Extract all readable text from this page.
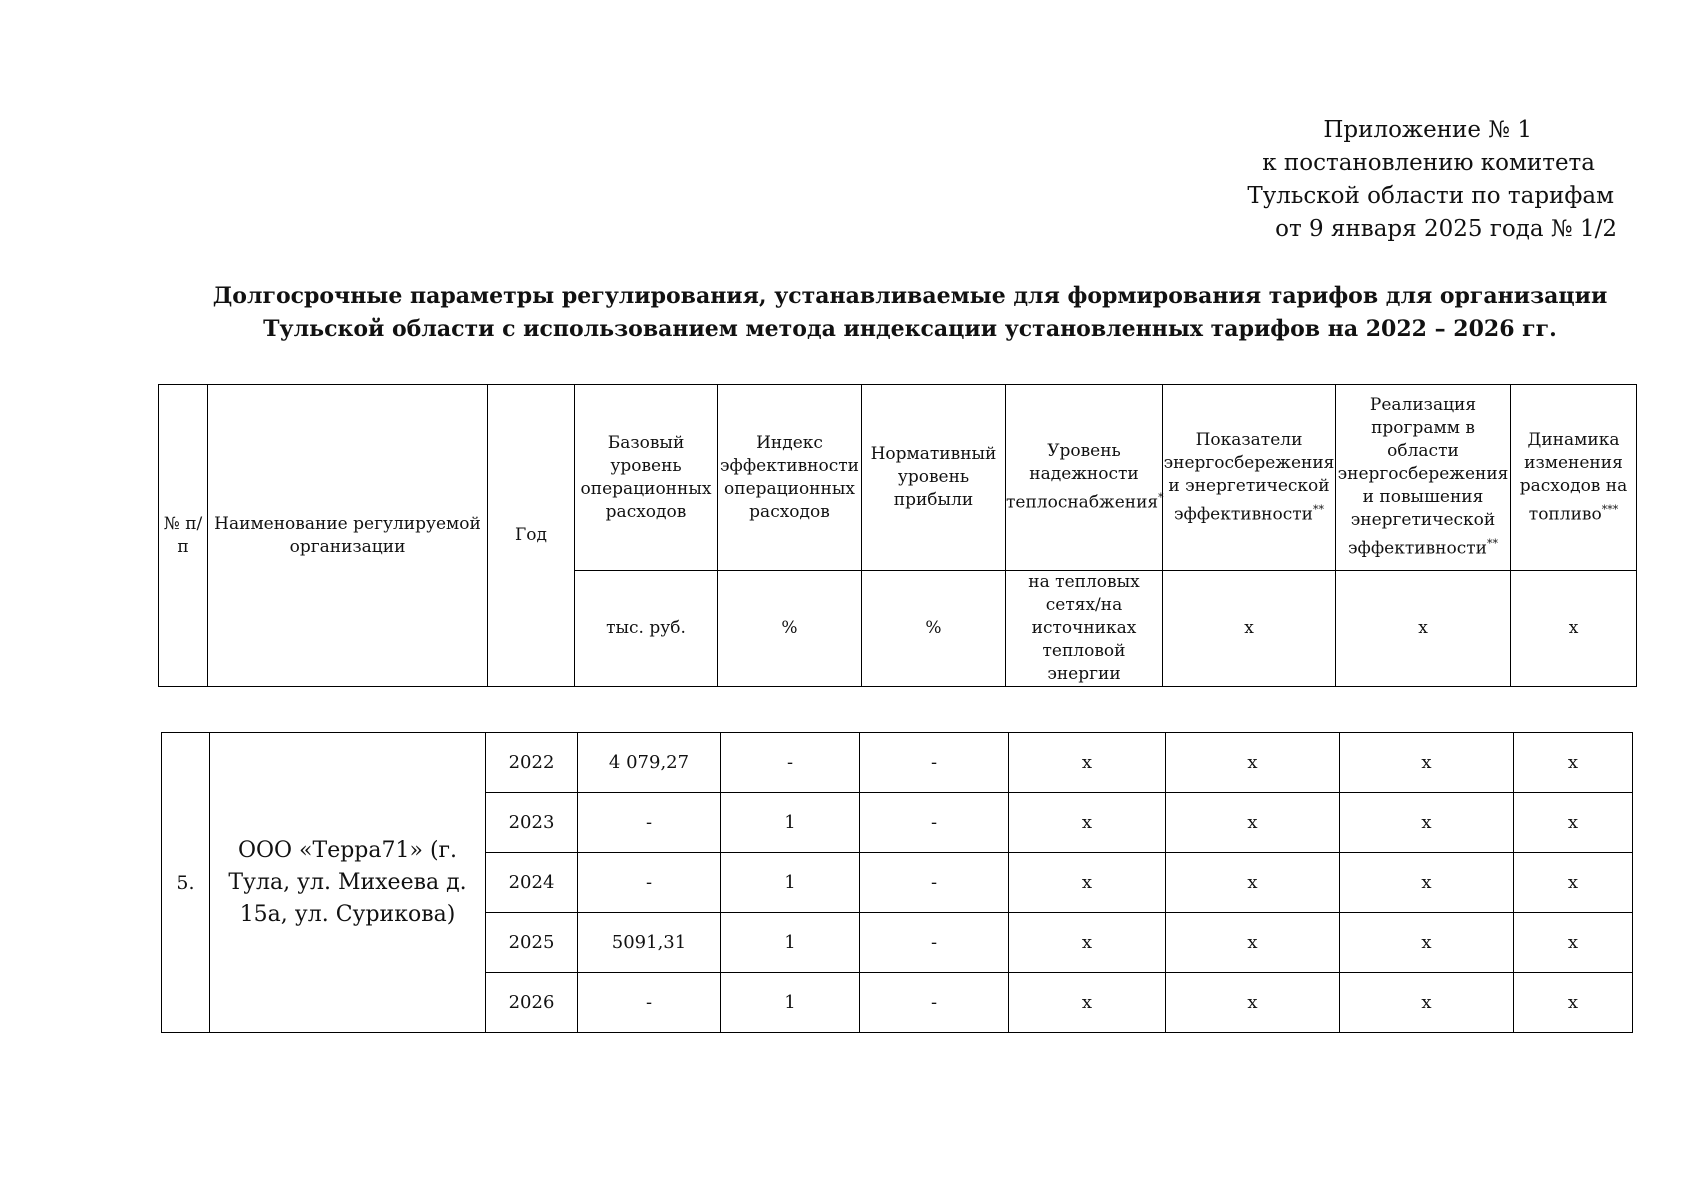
Приложение № 1
к постановлению комитета
Тульской области по тарифам
от 9 января 2025 года № 1/2
Долгосрочные параметры регулирования, устанавливаемые для формирования тарифов для организации
Тульской области с использованием метода индексации установленных тарифов на 2022 – 2026 гг.
№ п/п	Наименование регулируемой организации	Год	Базовый уровень операционных расходов	Индекс эффективности операционных расходов	Нормативный уровень прибыли	Уровень надежности теплоснабжения*	Показатели энергосбережения и энергетической эффективности**	Реализация программ в области энергосбережения и повышения энергетической эффективности**	Динамика изменения расходов на топливо***
			тыс. руб.	%	%	на тепловых сетях/на источниках тепловой энергии	x	x	x
5.	ООО «Терра71» (г. Тула, ул. Михеева д. 15а, ул. Сурикова)	2022	4 079,27	-	-	x	x	x	x
		2023	-	1	-	x	x	x	x
		2024	-	1	-	x	x	x	x
		2025	5091,31	1	-	x	x	x	x
		2026	-	1	-	x	x	x	x
